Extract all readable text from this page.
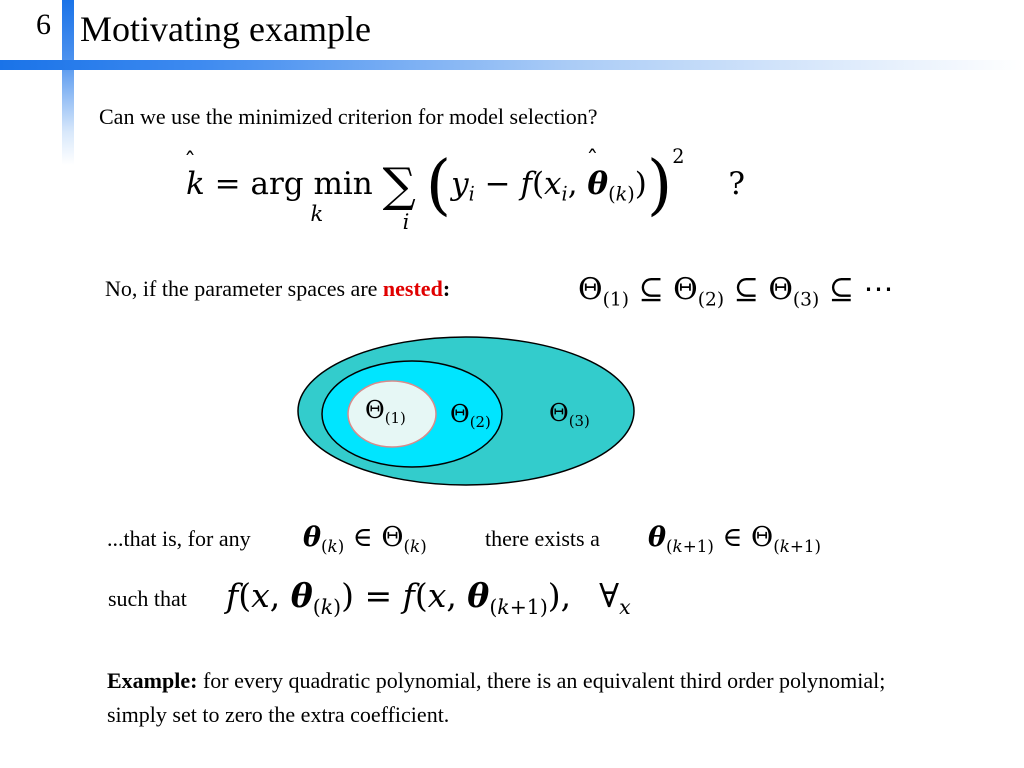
6 Motivating example
Can we use the minimized criterion for model selection?
ˆ
k = arg min
k
∑
i ($y_i - f(x_i$, θ
ˆ
$_{(k)}$))$^2$ ?
No, if the parameter spaces are nested:	$\Theta_{(1)}$ ⊆ $\Theta_{(2)}$ ⊆ $\Theta_{(3)}$ ⊆ ⋯
$\Theta_{(1)}$ $\Theta_{(2)}$ $\Theta_{(3)}$
...that is, for any $\theta_{(k)}$ ∈ $\Theta_{(k)}$	there exists a $\theta_{(k+1)}$ ∈ $\Theta_{(k+1)}$
such that f(x, $\theta_{(k)}) = f(x$, $\theta_{(k+1)}$), $\forall_x$
Example: for every quadratic polynomial, there is an equivalent third order polynomial; simply set to zero the extra coefficient.
